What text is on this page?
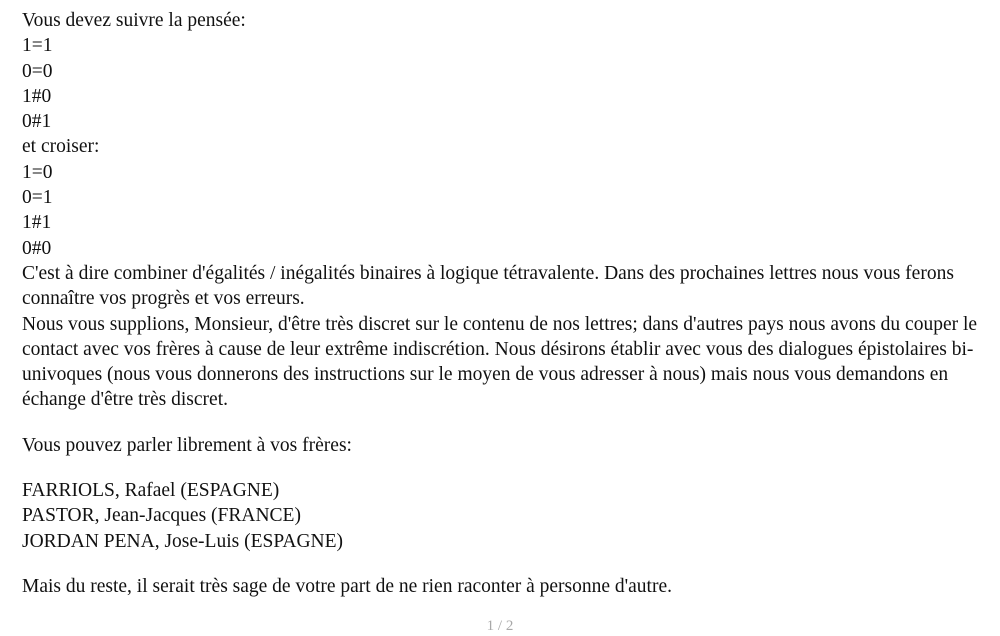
Vous devez suivre la pensée:
1=1
0=0
1#0
0#1
et croiser:
1=0
0=1
1#1
0#0
C'est à dire combiner d'égalités / inégalités binaires à logique tétravalente. Dans des prochaines lettres nous vous ferons connaître vos progrès et vos erreurs.
Nous vous supplions, Monsieur, d'être très discret sur le contenu de nos lettres; dans d'autres pays nous avons du couper le contact avec vos frères à cause de leur extrême indiscrétion. Nous désirons établir avec vous des dialogues épistolaires bi-univoques (nous vous donnerons des instructions sur le moyen de vous adresser à nous) mais nous vous demandons en échange d'être très discret.
Vous pouvez parler librement à vos frères:
FARRIOLS, Rafael (ESPAGNE)
PASTOR, Jean-Jacques (FRANCE)
JORDAN PENA, Jose-Luis (ESPAGNE)
Mais du reste, il serait très sage de votre part de ne rien raconter à personne d'autre.
1 / 2
